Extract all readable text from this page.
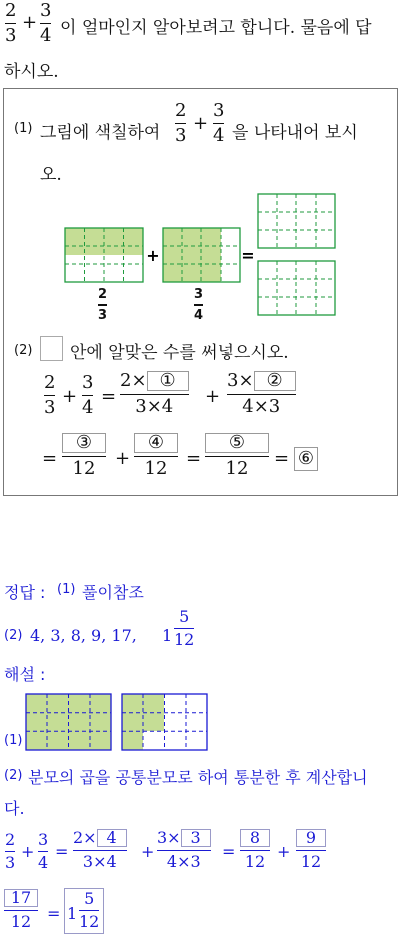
2
3
+
3
4 이 얼마인지 알아보려고 합니다. 물음에 답
하시오.
(1) 그림에 색칠하여
2
3
+
3
4 을 나타내어 보시
오.
+	=
2
3
3
4
(2) 안에 알맞은 수를 써넣으시오.
2
3
+
3
4
=
2× ①
3×4 +
3× ②
4×3
=
③
12 +
④
12 =
⑤
12 = ⑥
정답 : (1) 풀이참조
(2) 4, 3, 8, 9, 17, 1
5
12
해설 :
(1)
(2) 분모의 곱을 공통분모로 하여 통분한 후 계산합니
다.
2
3
+
3
4
=
2× 4
3×4
+
3× 3
4×3
=
8
12
+
9
12
17
12 = 1
5
12
